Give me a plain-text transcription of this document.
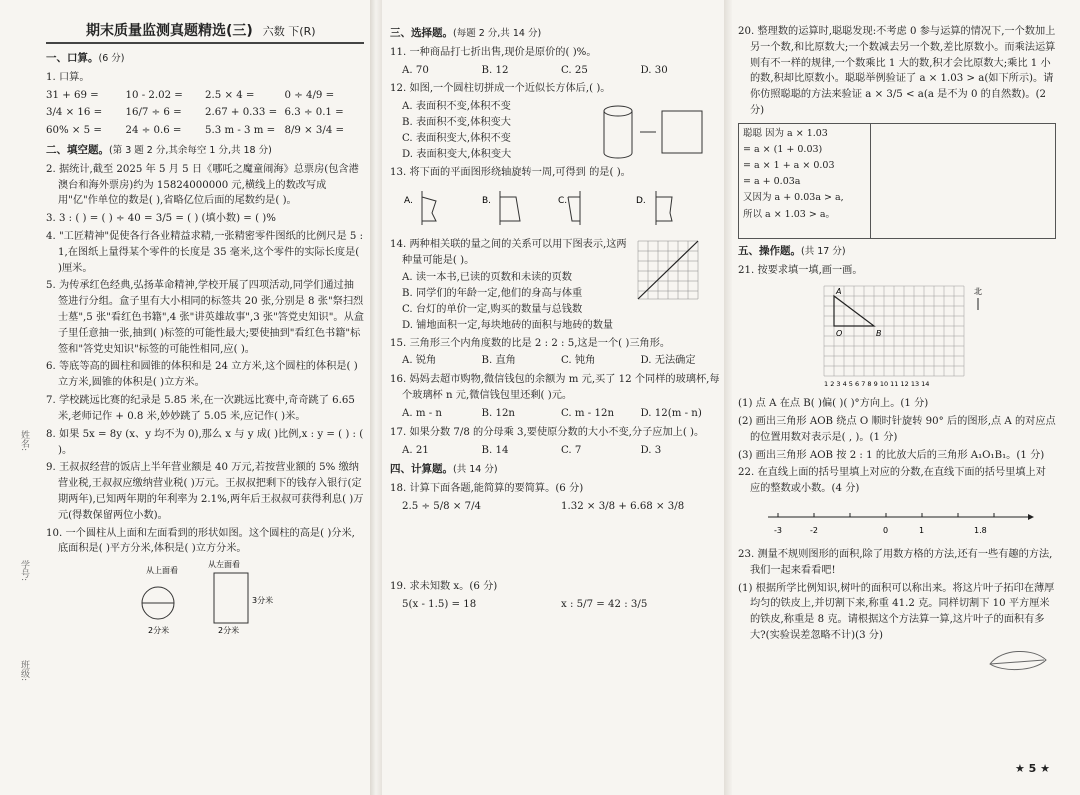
姓名:
学号:
班级:
期末质量监测真题精选(三) 六数 下(R)
一、口算。(6 分)
1. 口算。
31 + 69 =	10 - 2.02 =	2.5 × 4 =	0 ÷ 4/9 =
3/4 × 16 =	16/7 ÷ 6 =	2.67 + 0.33 = 6.3 ÷ 0.1 =
60% × 5 =	24 ÷ 0.6 =	5.3 m - 3 m = 8/9 × 3/4 =
二、填空题。(第 3 题 2 分,其余每空 1 分,共 18 分)
2. 据统计,截至 2025 年 5 月 5 日《哪吒之魔童闹海》总票房(包含港澳台和海外票房)约为 15824000000 元,横线上的数改写成用"亿"作单位的数是( ),省略亿位后面的尾数约是( )。
3. 3 : ( ) = ( ) ÷ 40 = 3/5 = ( ) (填小数) = ( )%
4. "工匠精神"促使各行各业精益求精,一张精密零件图纸的比例尺是 5 : 1,在图纸上量得某个零件的长度是 35 毫米,这个零件的实际长度是( )厘米。
5. 为传承红色经典,弘扬革命精神,学校开展了四项活动,同学们通过抽签进行分组。盒子里有大小相同的标签共 20 张,分别是 8 张"祭扫烈士墓",5 张"看红色书籍",4 张"讲英雄故事",3 张"答党史知识"。从盒子里任意抽一张,抽到( )标签的可能性最大;要使抽到"看红色书籍"标签和"答党史知识"标签的可能性相同,应( )。
6. 等底等高的圆柱和圆锥的体积和是 24 立方米,这个圆柱的体积是( )立方米,圆锥的体积是( )立方米。
7. 学校跳远比赛的纪录是 5.85 米,在一次跳远比赛中,奇奇跳了 6.65 米,老师记作 + 0.8 米,妙妙跳了 5.05 米,应记作( )米。
8. 如果 5x = 8y (x、y 均不为 0),那么 x 与 y 成( )比例,x : y = ( ) : ( )。
9. 王叔叔经营的饭店上半年营业额是 40 万元,若按营业额的 5% 缴纳营业税,王叔叔应缴纳营业税( )万元。王叔叔把剩下的钱存入银行(定期两年),已知两年期的年利率为 2.1%,两年后王叔叔可获得利息( )万元(得数保留两位小数)。
10. 一个圆柱从上面和左面看到的形状如图。这个圆柱的高是( )分米,底面积是( )平方分米,体积是( )立方分米。
从上面看
2分米
从左面看
2分米
3分米
三、选择题。(每题 2 分,共 14 分)
11. 一种商品打七折出售,现价是原价的( )%。
A. 70	B. 12	C. 25	D. 30
12. 如图,一个圆柱切拼成一个近似长方体后,( )。
A. 表面积不变,体积不变
B. 表面积不变,体积变大
C. 表面积变大,体积不变
D. 表面积变大,体积变大
13. 将下面的平面图形绕轴旋转一周,可得到 的是( )。
A.	B.	C.	D.
14. 两种相关联的量之间的关系可以用下图表示,这两种量可能是( )。
A. 读一本书,已读的页数和未读的页数
B. 同学们的年龄一定,他们的身高与体重
C. 台灯的单价一定,购买的数量与总钱数
D. 铺地面积一定,每块地砖的面积与地砖的数量
15. 三角形三个内角度数的比是 2 : 2 : 5,这是一个( )三角形。
A. 锐角	B. 直角	C. 钝角	D. 无法确定
16. 妈妈去超市购物,微信钱包的余额为 m 元,买了 12 个同样的玻璃杯,每个玻璃杯 n 元,微信钱包里还剩( )元。
A. m - n	B. 12n	C. m - 12n	D. 12(m - n)
17. 如果分数 7/8 的分母乘 3,要使原分数的大小不变,分子应加上( )。
A. 21	B. 14	C. 7	D. 3
四、计算题。(共 14 分)
18. 计算下面各题,能简算的要简算。(6 分)
2.5 ÷ 5/8 × 7/4	1.32 × 3/8 + 6.68 × 3/8
19. 求未知数 x。(6 分)
5(x - 1.5) = 18	x : 5/7 = 42 : 3/5
20. 整理数的运算时,聪聪发现:不考虑 0 参与运算的情况下,一个数加上另一个数,和比原数大;一个数减去另一个数,差比原数小。而乘法运算则有不一样的规律,一个数乘比 1 大的数,积才会比原数大;乘比 1 小的数,积却比原数小。聪聪举例验证了 a × 1.03 > a(如下所示)。请你仿照聪聪的方法来验证 a × 3/5 < a(a 是不为 0 的自然数)。(2 分)
聪聪 因为 a × 1.03
= a × (1 + 0.03)
= a × 1 + a × 0.03
= a + 0.03a
又因为 a + 0.03a > a,
所以 a × 1.03 > a。
五、操作题。(共 17 分)
21. 按要求填一填,画一画。
A
O	B
1 2 3 4 5 6 7 8 9 10 11 12 13 14
北
(1) 点 A 在点 B( )偏( )( )°方向上。(1 分)
(2) 画出三角形 AOB 绕点 O 顺时针旋转 90° 后的图形,点 A 的对应点的位置用数对表示是( , )。(1 分)
(3) 画出三角形 AOB 按 2 : 1 的比放大后的三角形 A₁O₁B₁。(1 分)
22. 在直线上面的括号里填上对应的分数,在直线下面的括号里填上对应的整数或小数。(4 分)
-3	-2	0	1	1.8
23. 测量不规则图形的面积,除了用数方格的方法,还有一些有趣的方法,我们一起来看看吧!
(1) 根据所学比例知识,树叶的面积可以称出来。将这片叶子拓印在薄厚均匀的铁皮上,并切割下来,称重 41.2 克。同样切割下 10 平方厘米的铁皮,称重是 8 克。请根据这个方法算一算,这片叶子的面积有多大?(实验误差忽略不计)(3 分)
★ 5 ★
